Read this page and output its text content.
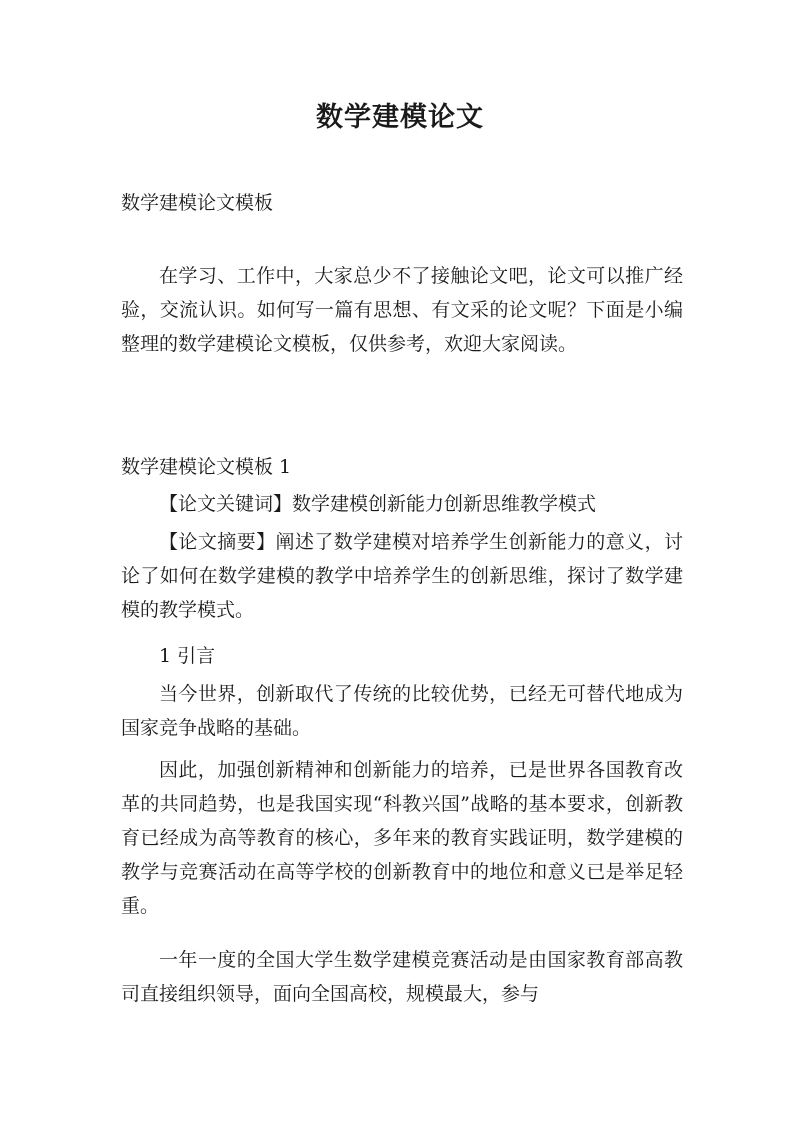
数学建模论文
数学建模论文模板

在学习、工作中，大家总少不了接触论文吧，论文可以推广经验，交流认识。如何写一篇有思想、有文采的论文呢？下面是小编整理的数学建模论文模板，仅供参考，欢迎大家阅读。

数学建模论文模板 1

【论文关键词】数学建模创新能力创新思维教学模式

【论文摘要】阐述了数学建模对培养学生创新能力的意义，讨论了如何在数学建模的教学中培养学生的创新思维，探讨了数学建模的教学模式。

1 引言

当今世界，创新取代了传统的比较优势，已经无可替代地成为国家竞争战略的基础。

因此，加强创新精神和创新能力的培养，已是世界各国教育改革的共同趋势，也是我国实现“科教兴国”战略的基本要求，创新教育已经成为高等教育的核心，多年来的教育实践证明，数学建模的教学与竞赛活动在高等学校的创新教育中的地位和意义已是举足轻重。

一年一度的全国大学生数学建模竞赛活动是由国家教育部高教司直接组织领导，面向全国高校，规模最大，参与
